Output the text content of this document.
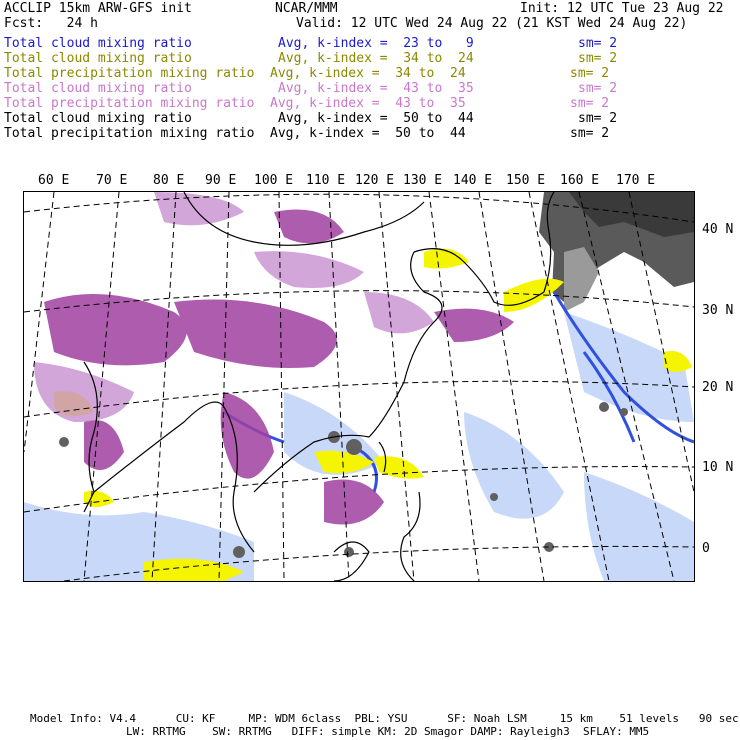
ACCLIP 15km ARW-GFS init	NCAR/MMM	Init: 12 UTC Tue 23 Aug 22
Fcst:   24 h	Valid: 12 UTC Wed 24 Aug 22 (21 KST Wed 24 Aug 22)
Total cloud mixing ratio	Avg, k-index =  23 to   9	sm= 2
Total cloud mixing ratio	Avg, k-index =  34 to  24	sm= 2
Total precipitation mixing ratio Avg, k-index =  34 to  24	sm= 2
Total cloud mixing ratio	Avg, k-index =  43 to  35	sm= 2
Total precipitation mixing ratio Avg, k-index =  43 to  35	sm= 2
Total cloud mixing ratio	Avg, k-index =  50 to  44	sm= 2
Total precipitation mixing ratio Avg, k-index =  50 to  44	sm= 2
60 E 70 E 80 E 90 E 100 E 110 E 120 E 130 E 140 E 150 E 160 E 170 E
40 N
30 N
20 N
10 N
0
Model Info: V4.4      CU: KF     MP: WDM 6class  PBL: YSU      SF: Noah LSM     15 km    51 levels   90 sec
LW: RRTMG    SW: RRTMG   DIFF: simple KM: 2D Smagor DAMP: Rayleigh3  SFLAY: MM5
